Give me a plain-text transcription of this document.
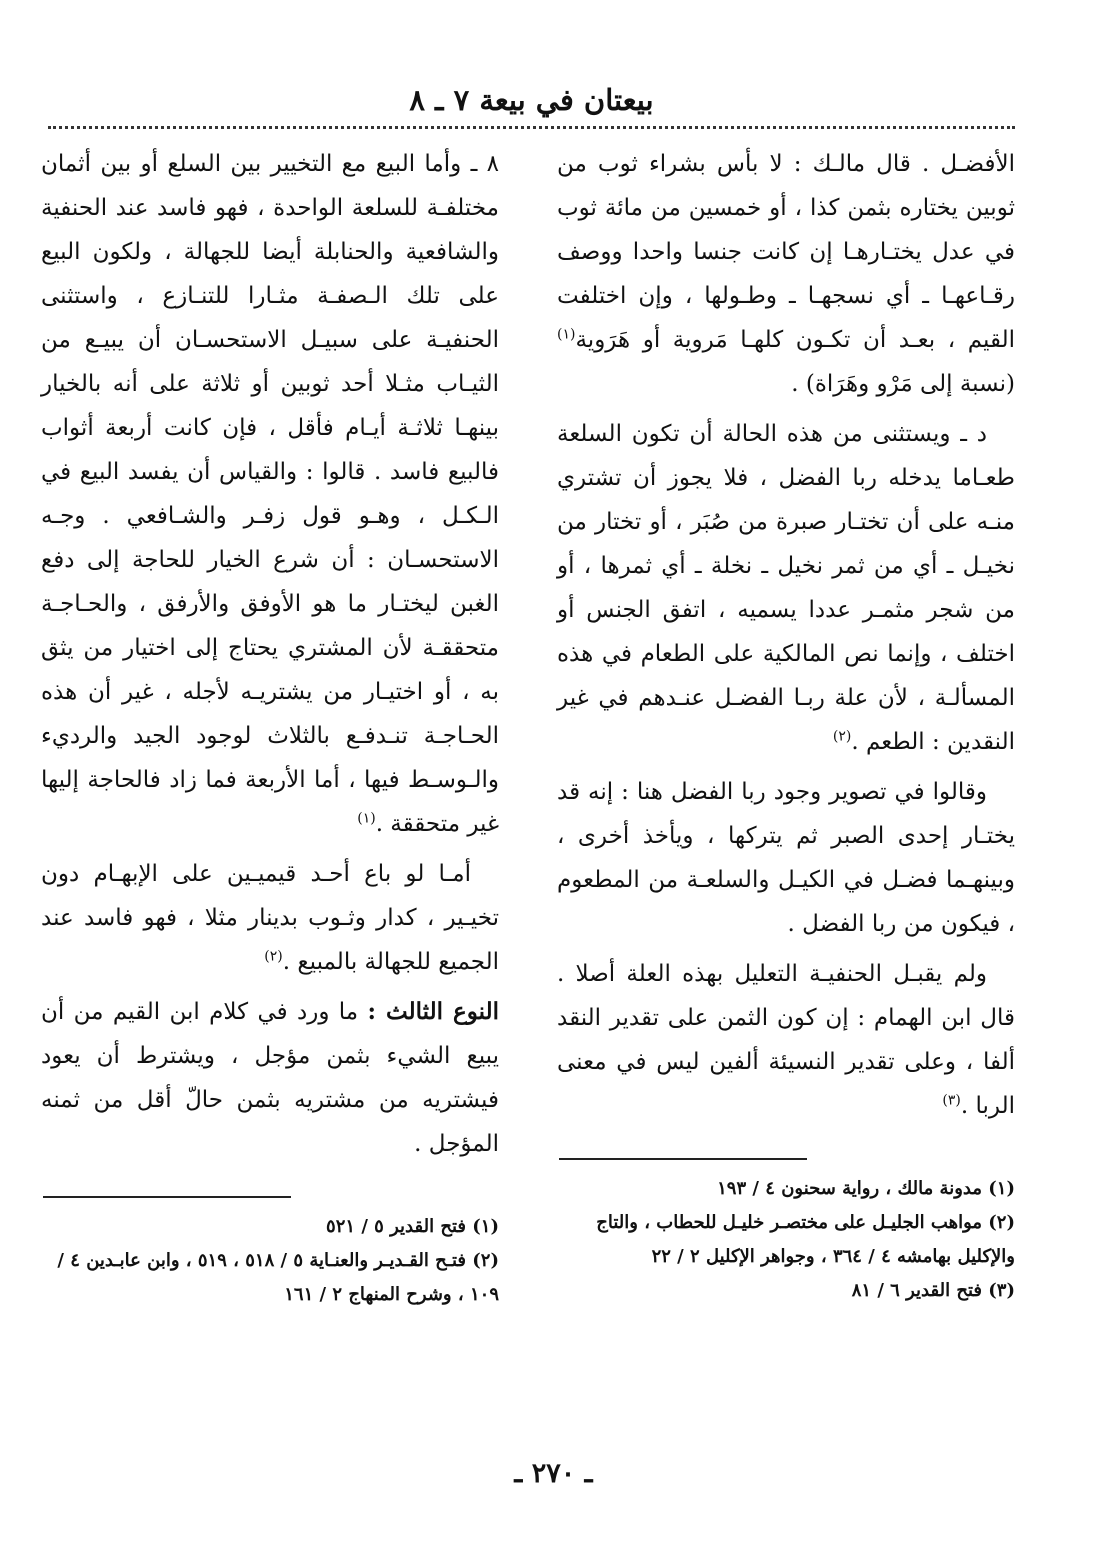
بيعتان في بيعة ٧ ـ ٨

الأفضـل . قال مالـك : لا بأس بشراء ثوب من ثوبين يختاره بثمن كذا ، أو خمسين من مائة ثوب في عدل يختـارهـا إن كانت جنسا واحدا ووصف رقـاعهـا ـ أي نسجهـا ـ وطـولها ، وإن اختلفت القيم ، بعـد أن تكـون كلهـا مَروية أو هَرَوية$^{(١)}$ (نسبة إلى مَرْو وهَرَاة) .

د ـ ويستثنى من هذه الحالة أن تكون السلعة طعـاما يدخله ربا الفضل ، فلا يجوز أن تشتري منـه على أن تختـار صبرة من صُبَر ، أو تختار من نخيـل ـ أي من ثمر نخيل ـ نخلة ـ أي ثمرها ، أو من شجر مثمـر عددا يسميه ، اتفق الجنس أو اختلف ، وإنما نص المالكية على الطعام في هذه المسألـة ، لأن علة ربـا الفضـل عنـدهم في غير النقدين : الطعم .$^{(٢)}$

وقالوا في تصوير وجود ربا الفضل هنا : إنه قد يختـار إحدى الصبر ثم يتركها ، ويأخذ أخرى ، وبينهـما فضـل في الكيـل والسلعـة من المطعوم ، فيكون من ربا الفضل .

ولم يقبـل الحنفيـة التعليل بهذه العلة أصلا . قال ابن الهمام : إن كون الثمن على تقدير النقد ألفا ، وعلى تقدير النسيئة ألفين ليس في معنى الربا .$^{(٣)}$

(١) مدونة مالك ، رواية سحنون ٤ / ١٩٣
(٢) مواهب الجليـل على مختصـر خليـل للحطاب ، والتاج والإكليل بهامشه ٤ / ٣٦٤ ، وجواهر الإكليل ٢ / ٢٢
(٣) فتح القدير ٦ / ٨١

٨ ـ وأما البيع مع التخيير بين السلع أو بين أثمان مختلفـة للسلعة الواحدة ، فهو فاسد عند الحنفية والشافعية والحنابلة أيضا للجهالة ، ولكون البيع على تلك الـصفـة مثـارا للتنـازع ، واستثنى الحنفيـة على سبيـل الاستحسـان أن يبيـع من الثيـاب مثـلا أحد ثوبين أو ثلاثة على أنه بالخيار بينهـا ثلاثـة أيـام فأقل ، فإن كانت أربعة أثواب فالبيع فاسد . قالوا : والقياس أن يفسد البيع في الـكـل ، وهـو قول زفـر والشـافعي . وجـه الاستحسـان : أن شرع الخيار للحاجة إلى دفع الغبن ليختـار ما هو الأوفق والأرفق ، والحـاجـة متحققـة لأن المشتري يحتاج إلى اختيار من يثق به ، أو اختيـار من يشتريـه لأجله ، غير أن هذه الحـاجـة تنـدفـع بالثلاث لوجود الجيد والرديء والـوسـط فيها ، أما الأربعة فما زاد فالحاجة إليها غير متحققة .$^{(١)}$

أمـا لو باع أحـد قيميـين على الإبهـام دون تخيـير ، كدار وثـوب بدينار مثلا ، فهو فاسد عند الجميع للجهالة بالمبيع .$^{(٢)}$

النوع الثالث : ما ورد في كلام ابن القيم من أن يبيع الشيء بثمن مؤجل ، ويشترط أن يعود فيشتريه من مشتريه بثمن حالّ أقل من ثمنه المؤجل .

(١) فتح القدير ٥ / ٥٢١
(٢) فتـح القـديـر والعنـاية ٥ / ٥١٨ ، ٥١٩ ، وابن عابـدين ٤ / ١٠٩ ، وشرح المنهاج ٢ / ١٦١
ـ ٢٧٠ ـ
